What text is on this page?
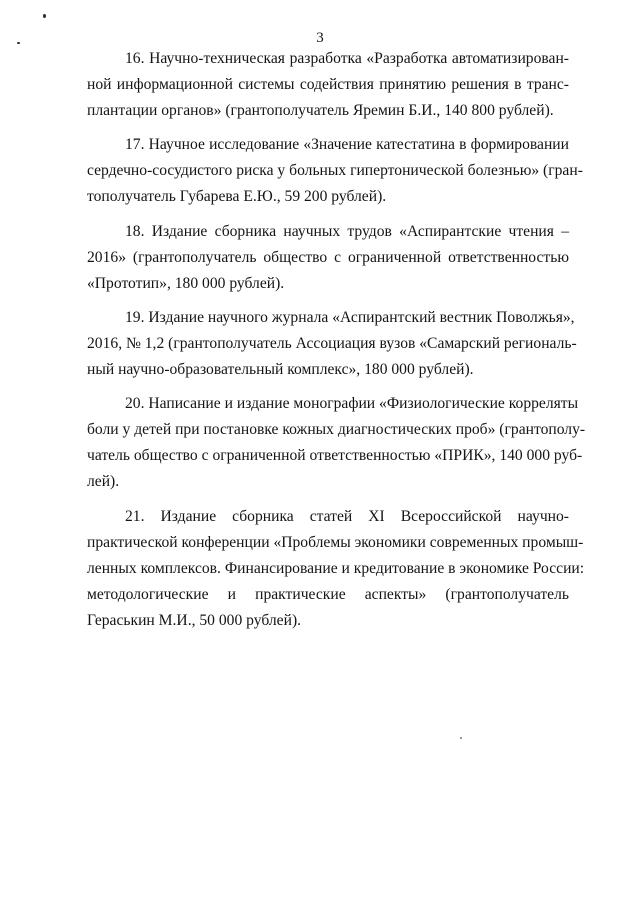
3
16. Научно-техническая разработка «Разработка автоматизирован-
ной информационной системы содействия принятию решения в транс-
плантации органов» (грантополучатель Яремин Б.И., 140 800 рублей).
17. Научное исследование «Значение катестатина в формировании
сердечно-сосудистого риска у больных гипертонической болезнью» (гран-
тополучатель Губарева Е.Ю., 59 200 рублей).
18. Издание сборника научных трудов «Аспирантские чтения –
2016» (грантополучатель общество с ограниченной ответственностью
«Прототип», 180 000 рублей).
19. Издание научного журнала «Аспирантский вестник Поволжья»,
2016, № 1,2 (грантополучатель Ассоциация вузов «Самарский региональ-
ный научно-образовательный комплекс», 180 000 рублей).
20. Написание и издание монографии «Физиологические корреляты
боли у детей при постановке кожных диагностических проб» (грантополу-
чатель общество с ограниченной ответственностью «ПРИК», 140 000 руб-
лей).
21. Издание сборника статей XI Всероссийской научно-
практической конференции «Проблемы экономики современных промыш-
ленных комплексов. Финансирование и кредитование в экономике России:
методологические и практические аспекты» (грантополучатель
Гераськин М.И., 50 000 рублей).
